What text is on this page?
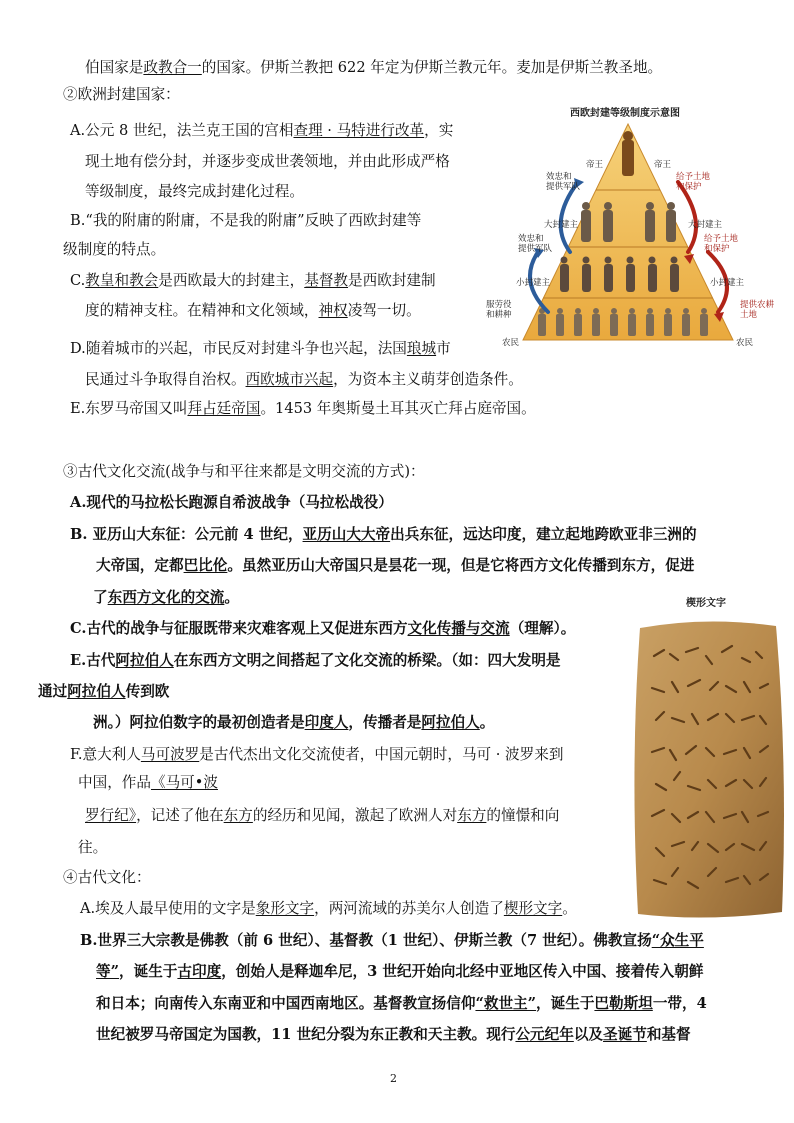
伯国家是政教合一的国家。伊斯兰教把 622 年定为伊斯兰教元年。麦加是伊斯兰教圣地。
②欧洲封建国家：
A.公元 8 世纪，法兰克王国的宫相查理 · 马特进行改革，实
现土地有偿分封，并逐步变成世袭领地，并由此形成严格
等级制度，最终完成封建化过程。
B.“我的附庸的附庸，不是我的附庸”反映了西欧封建等
级制度的特点。
C.教皇和教会是西欧最大的封建主，基督教是西欧封建制
度的精神支柱。在精神和文化领域，神权凌驾一切。
D.随着城市的兴起，市民反对封建斗争也兴起，法国琅城市
民通过斗争取得自治权。西欧城市兴起，为资本主义萌芽创造条件。
E.东罗马帝国又叫拜占廷帝国。1453 年奥斯曼土耳其灭亡拜占庭帝国。
③古代文化交流(战争与和平往来都是文明交流的方式)：
A.现代的马拉松长跑源自希波战争（马拉松战役）
B. 亚历山大东征：公元前 4 世纪，亚历山大大帝出兵东征，远达印度，建立起地跨欧亚非三洲的
大帝国，定都巴比伦。虽然亚历山大帝国只是昙花一现，但是它将西方文化传播到东方，促进
了东西方文化的交流。
C.古代的战争与征服既带来灾难客观上又促进东西方文化传播与交流（理解）。
E.古代阿拉伯人在东西方文明之间搭起了文化交流的桥梁。（如：四大发明是
通过阿拉伯人传到欧
洲。）阿拉伯数字的最初创造者是印度人，传播者是阿拉伯人。
F.意大利人马可波罗是古代杰出文化交流使者，中国元朝时，马可 · 波罗来到
中国，作品《马可•波
罗行纪》，记述了他在东方的经历和见闻，激起了欧洲人对东方的憧憬和向
往。
④古代文化：
A.埃及人最早使用的文字是象形文字，两河流域的苏美尔人创造了楔形文字。
B.世界三大宗教是佛教（前 6 世纪）、基督教（1 世纪）、伊斯兰教（7 世纪）。佛教宣扬“众生平
等”，诞生于古印度，创始人是释迦牟尼，3 世纪开始向北经中亚地区传入中国、接着传入朝鲜
和日本；向南传入东南亚和中国西南地区。基督教宣扬信仰“救世主”，诞生于巴勒斯坦一带，4
世纪被罗马帝国定为国教，11 世纪分裂为东正教和天主教。现行公元纪年以及圣诞节和基督
西欧封建等级制度示意图
帝王	帝王
效忠和
提供军队
给予土地
和保护
大封建主	大封建主
效忠和
提供军队
给予土地
和保护
小封建主	小封建主
服劳役
和耕种
提供农耕
土地
农民	农民
楔形文字
2
